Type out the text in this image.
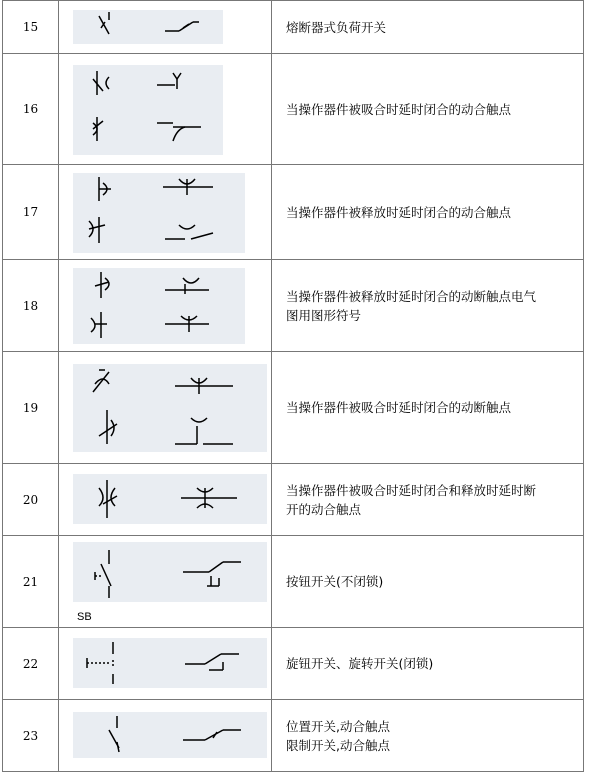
15		熔断器式负荷开关

16		当操作器件被吸合时延时闭合的动合触点

17		当操作器件被释放时延时闭合的动合触点

18		当操作器件被释放时延时闭合的动断触点电气
图用图形符号

19		当操作器件被吸合时延时闭合的动断触点

20		当操作器件被吸合时延时闭合和释放时延时断
开的动合触点

21	SB	按钮开关(不闭锁)

22		旋钮开关、旋转开关(闭锁)

23		位置开关,动合触点
限制开关,动合触点
